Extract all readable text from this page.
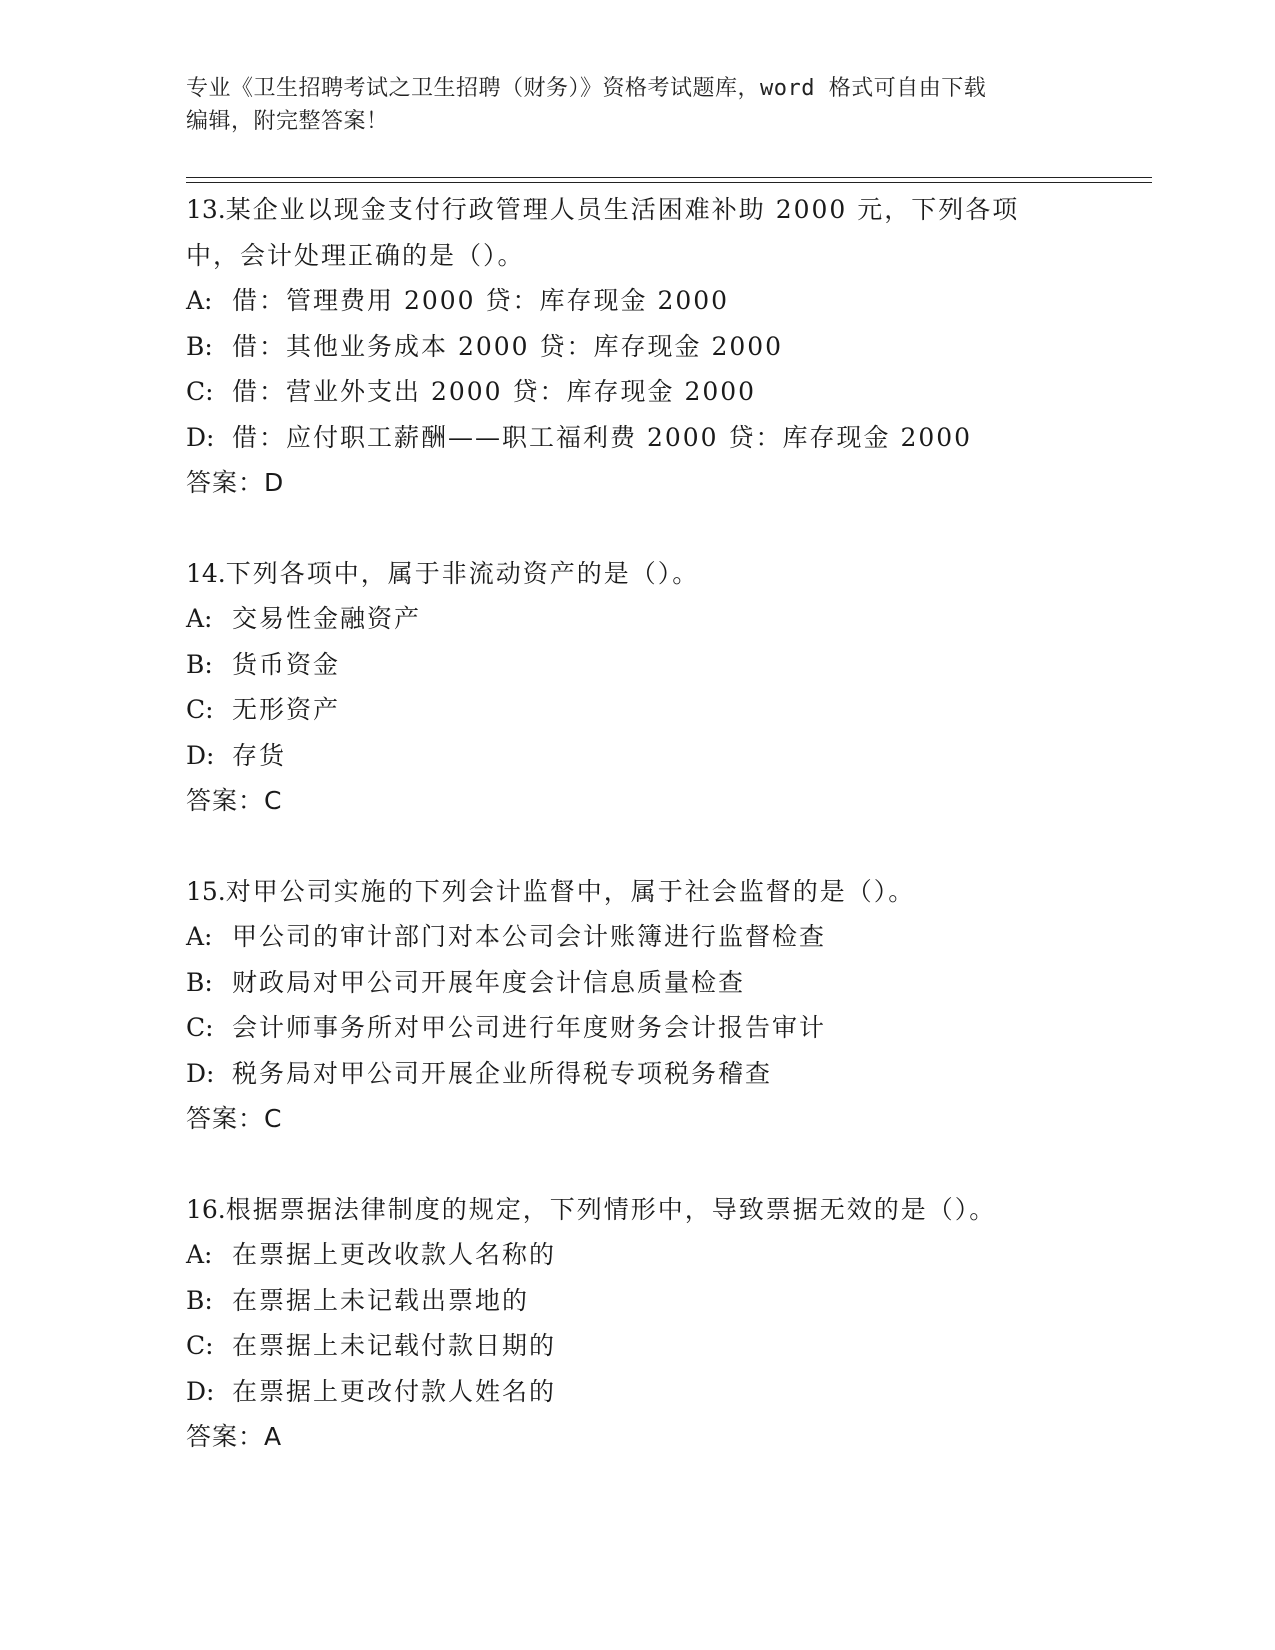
专业《卫生招聘考试之卫生招聘（财务）》资格考试题库，word 格式可自由下载
编辑，附完整答案！

13.某企业以现金支付行政管理人员生活困难补助 2000 元，下列各项中，会计处理正确的是（）。

A: 借：管理费用 2000 贷：库存现金 2000

B: 借：其他业务成本 2000 贷：库存现金 2000

C: 借：营业外支出 2000 贷：库存现金 2000

D: 借：应付职工薪酬——职工福利费 2000 贷：库存现金 2000

答案：D

14.下列各项中，属于非流动资产的是（）。

A: 交易性金融资产

B: 货币资金

C: 无形资产

D: 存货

答案：C

15.对甲公司实施的下列会计监督中，属于社会监督的是（）。

A: 甲公司的审计部门对本公司会计账簿进行监督检查

B: 财政局对甲公司开展年度会计信息质量检查

C: 会计师事务所对甲公司进行年度财务会计报告审计

D: 税务局对甲公司开展企业所得税专项税务稽查

答案：C

16.根据票据法律制度的规定，下列情形中，导致票据无效的是（）。

A: 在票据上更改收款人名称的

B: 在票据上未记载出票地的

C: 在票据上未记载付款日期的

D: 在票据上更改付款人姓名的

答案：A
